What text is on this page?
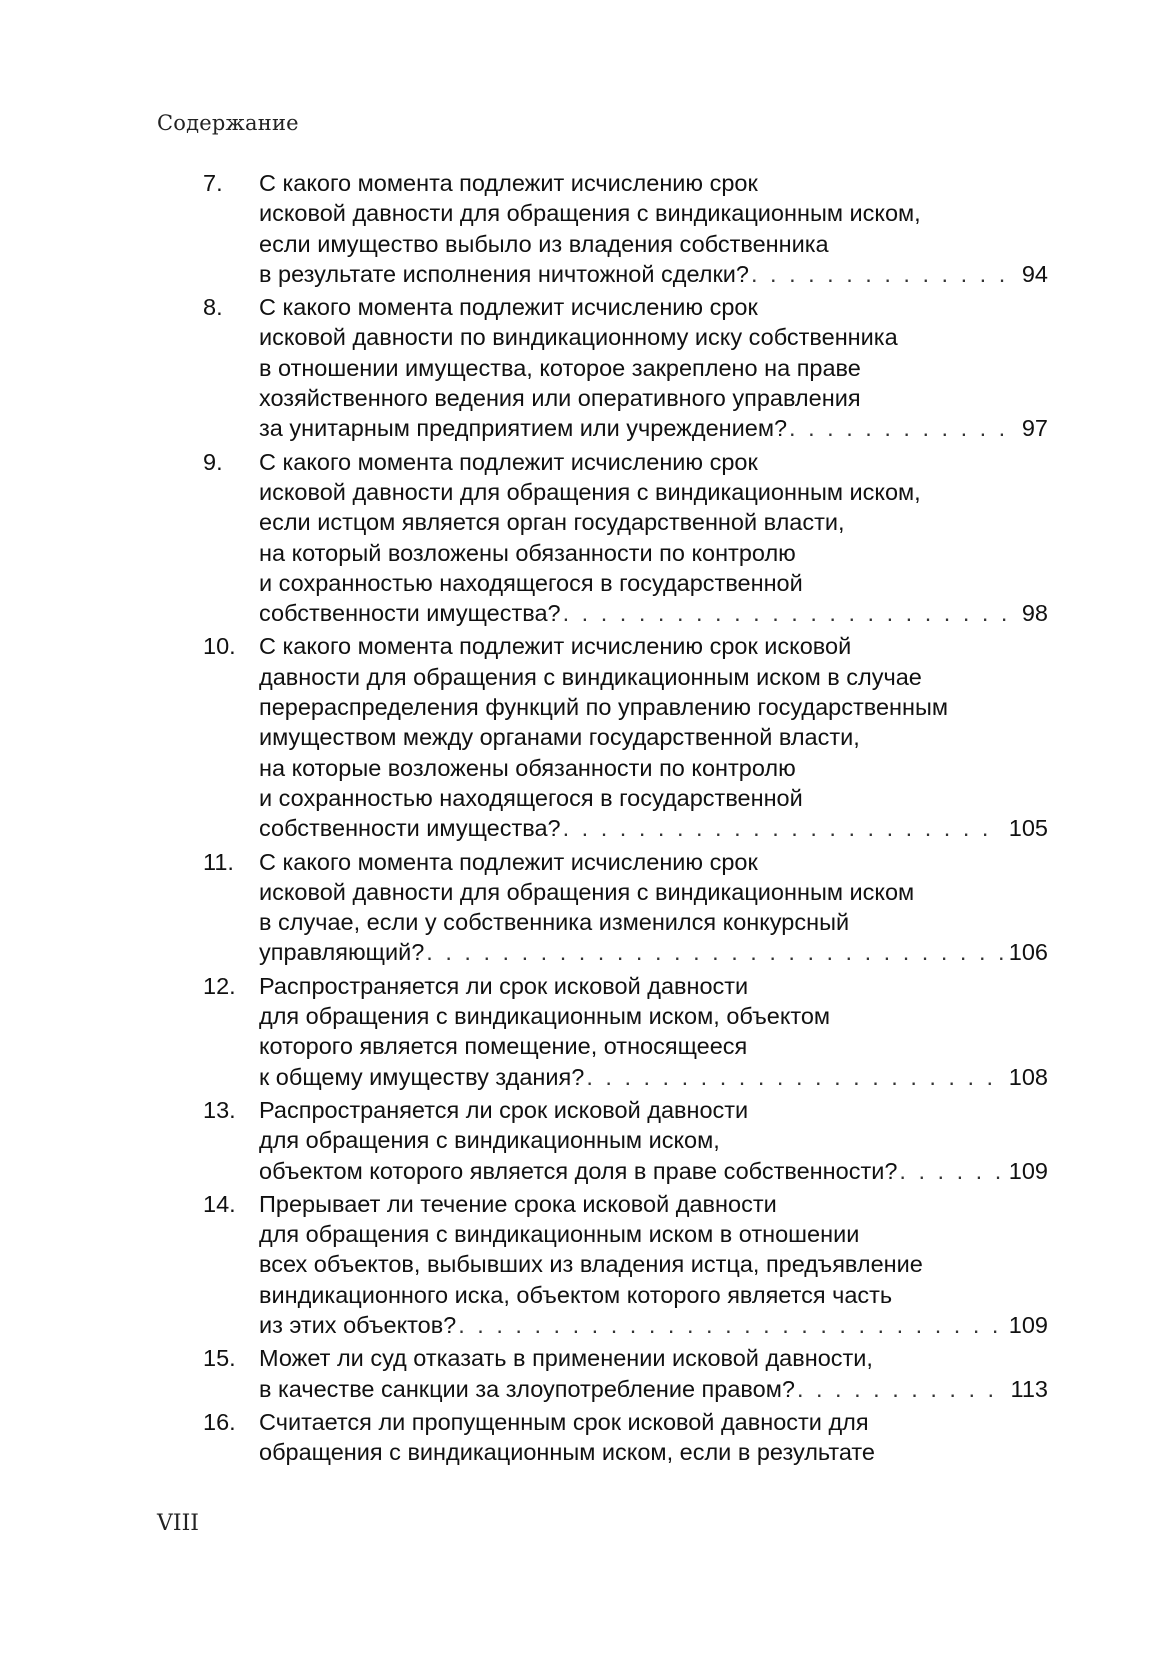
Содержание
7. С какого момента подлежит исчислению срок
исковой давности для обращения с виндикационным иском,
если имущество выбыло из владения собственника
в результате исполнения ничтожной сделки? . . .	94
8. С какого момента подлежит исчислению срок
исковой давности по виндикационному иску собственника
в отношении имущества, которое закреплено на праве
хозяйственного ведения или оперативного управления
за унитарным предприятием или учреждением? . . .	97
9. С какого момента подлежит исчислению срок
исковой давности для обращения с виндикационным иском,
если истцом является орган государственной власти,
на который возложены обязанности по контролю
и сохранностью находящегося в государственной
собственности имущества? . . .	98
10. С какого момента подлежит исчислению срок исковой
давности для обращения с виндикационным иском в случае
перераспределения функций по управлению государственным
имуществом между органами государственной власти,
на которые возложены обязанности по контролю
и сохранностью находящегося в государственной
собственности имущества? . . .	105
11. С какого момента подлежит исчислению срок
исковой давности для обращения с виндикационным иском
в случае, если у собственника изменился конкурсный
управляющий? . . .	106
12. Распространяется ли срок исковой давности
для обращения с виндикационным иском, объектом
которого является помещение, относящееся
к общему имуществу здания? . . .	108
13. Распространяется ли срок исковой давности
для обращения с виндикационным иском,
объектом которого является доля в праве собственности? . . .	109
14. Прерывает ли течение срока исковой давности
для обращения с виндикационным иском в отношении
всех объектов, выбывших из владения истца, предъявление
виндикационного иска, объектом которого является часть
из этих объектов? . . .	109
15. Может ли суд отказать в применении исковой давности,
в качестве санкции за злоупотребление правом? . . .	113
16. Считается ли пропущенным срок исковой давности для
обращения с виндикационным иском, если в результате
VIII
